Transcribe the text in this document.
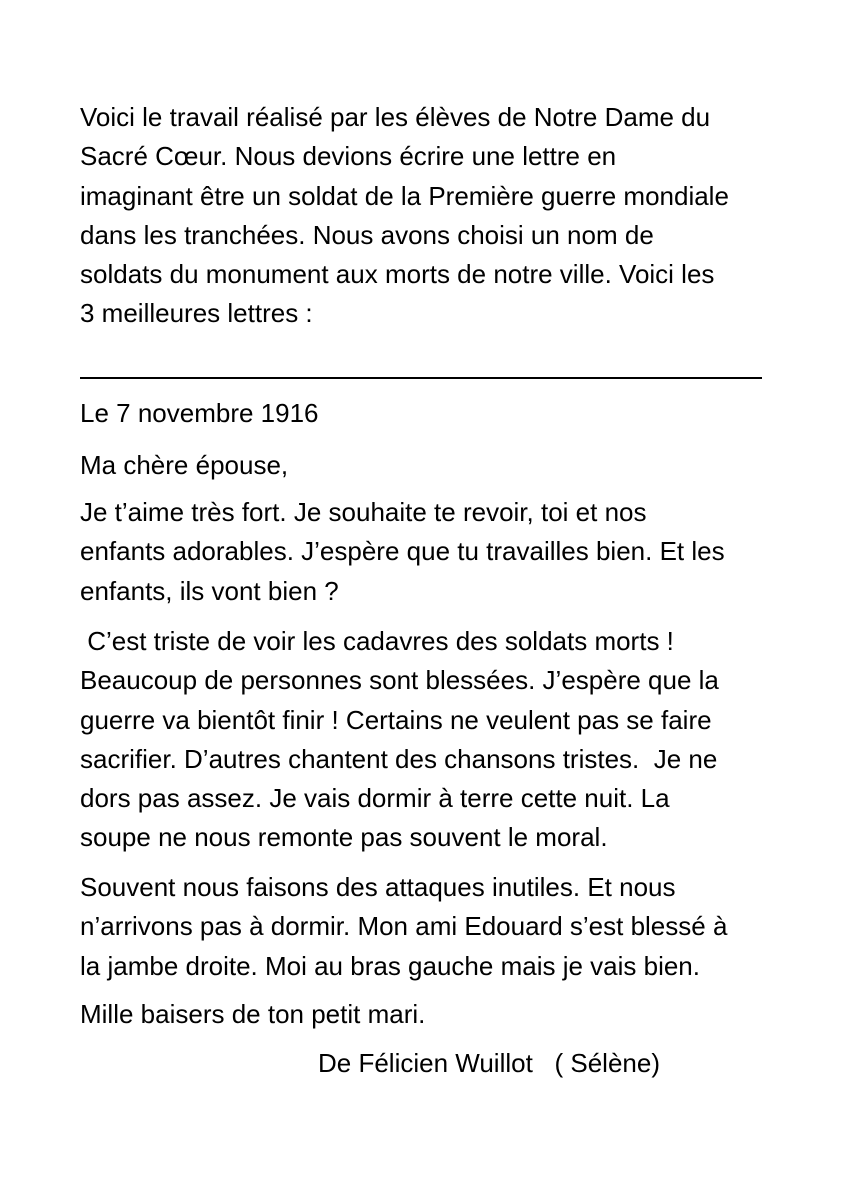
Voici le travail réalisé par les élèves de Notre Dame du
Sacré Cœur. Nous devions écrire une lettre en
imaginant être un soldat de la Première guerre mondiale
dans les tranchées. Nous avons choisi un nom de
soldats du monument aux morts de notre ville. Voici les
3 meilleures lettres :
Le 7 novembre 1916
Ma chère épouse,
Je t’aime très fort. Je souhaite te revoir, toi et nos
enfants adorables. J’espère que tu travailles bien. Et les
enfants, ils vont bien ?
C’est triste de voir les cadavres des soldats morts !
Beaucoup de personnes sont blessées. J’espère que la
guerre va bientôt finir ! Certains ne veulent pas se faire
sacrifier. D’autres chantent des chansons tristes.  Je ne
dors pas assez. Je vais dormir à terre cette nuit. La
soupe ne nous remonte pas souvent le moral.
Souvent nous faisons des attaques inutiles. Et nous
n’arrivons pas à dormir. Mon ami Edouard s’est blessé à
la jambe droite. Moi au bras gauche mais je vais bien.
Mille baisers de ton petit mari.
De Félicien Wuillot   ( Sélène)
